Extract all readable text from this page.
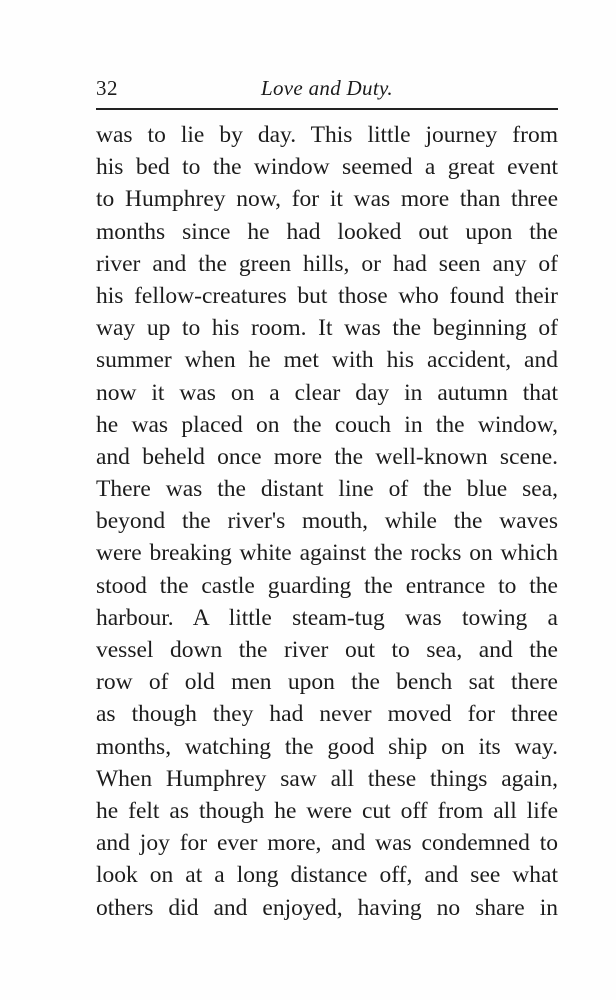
32	Love and Duty.
was to lie by day. This little journey from
his bed to the window seemed a great event
to Humphrey now, for it was more than three
months since he had looked out upon the
river and the green hills, or had seen any of
his fellow-creatures but those who found their
way up to his room. It was the beginning of
summer when he met with his accident, and
now it was on a clear day in autumn that
he was placed on the couch in the window,
and beheld once more the well-known scene.
There was the distant line of the blue sea,
beyond the river's mouth, while the waves
were breaking white against the rocks on which
stood the castle guarding the entrance to the
harbour. A little steam-tug was towing a
vessel down the river out to sea, and the
row of old men upon the bench sat there
as though they had never moved for three
months, watching the good ship on its way.
When Humphrey saw all these things again,
he felt as though he were cut off from all life
and joy for ever more, and was condemned to
look on at a long distance off, and see what
others did and enjoyed, having no share in
